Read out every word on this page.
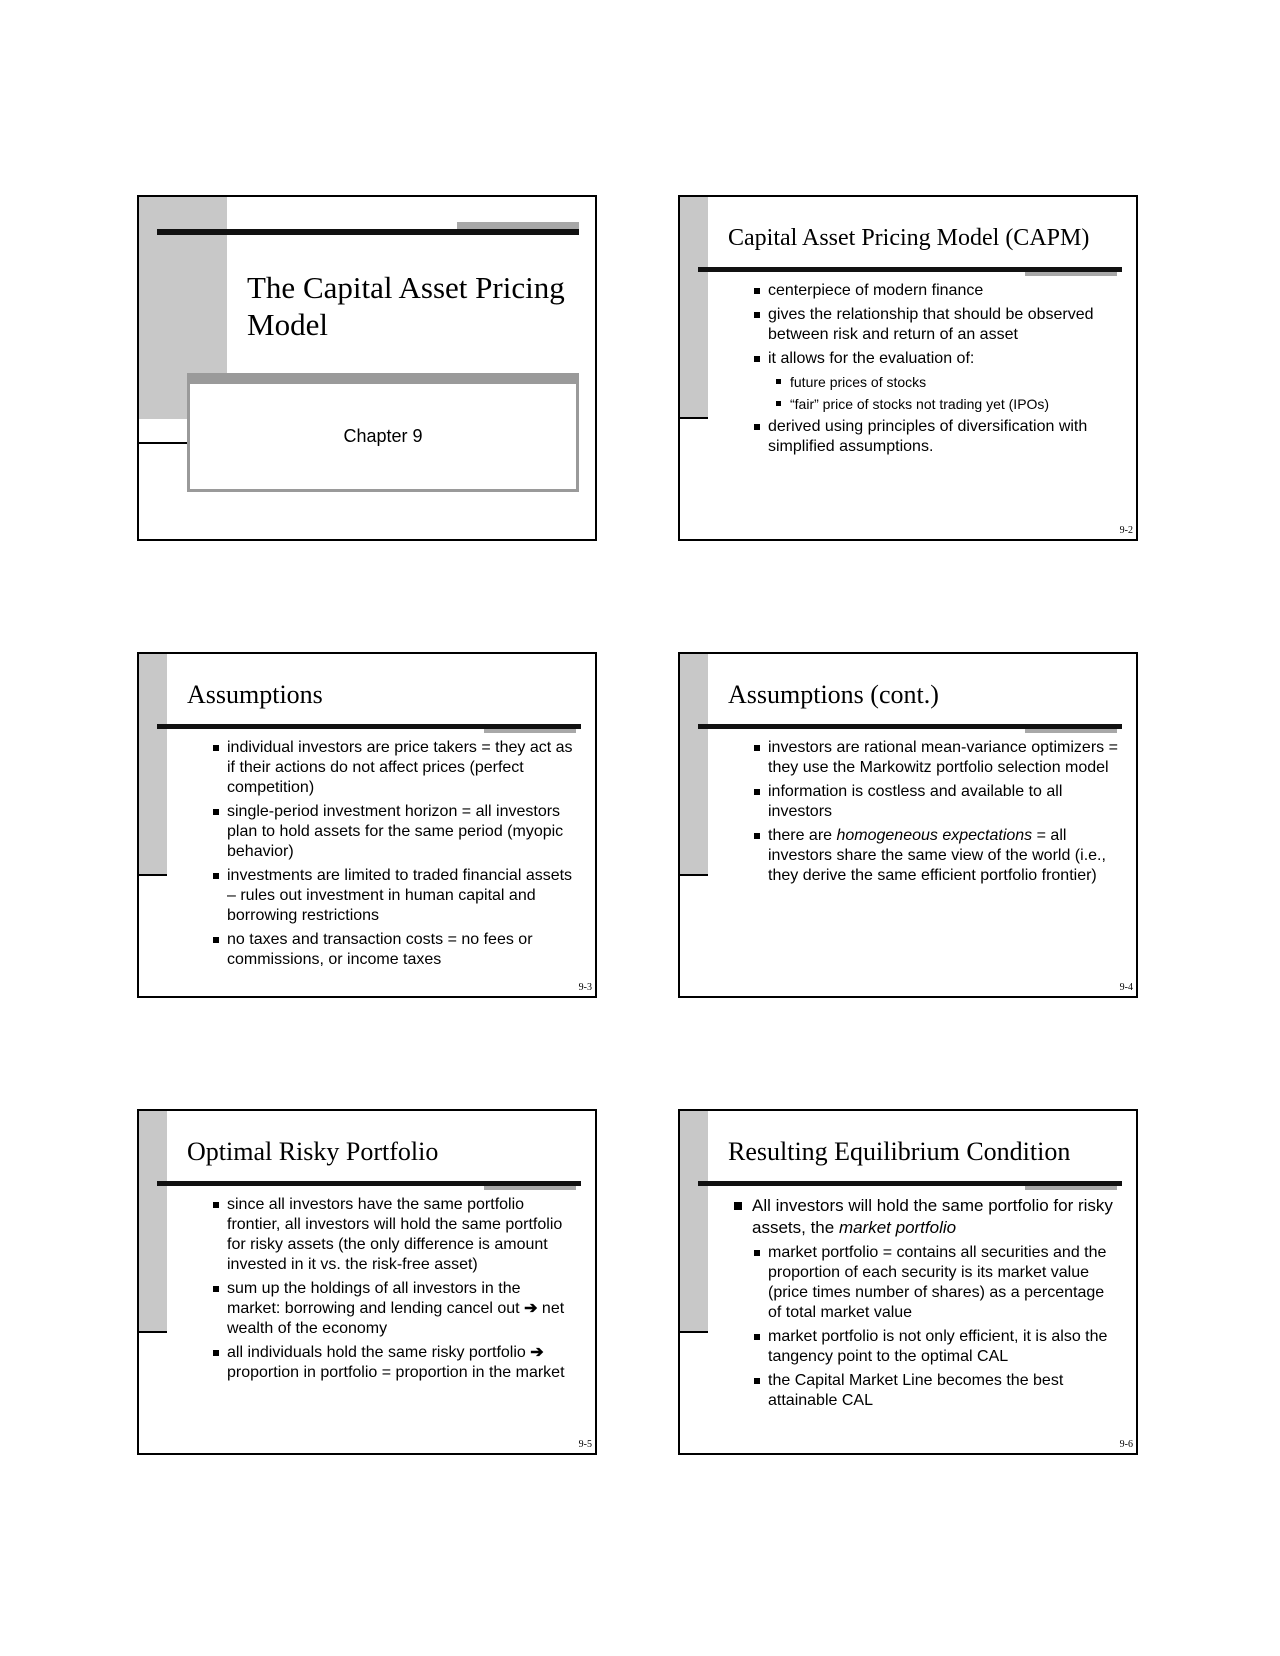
The Capital Asset Pricing Model
Chapter 9
Capital Asset Pricing Model (CAPM)
centerpiece of modern finance
gives the relationship that should be observed between risk and return of an asset
it allows for the evaluation of:
future prices of stocks
“fair” price of stocks not trading yet (IPOs)
derived using principles of diversification with simplified assumptions.
9-2
Assumptions
individual investors are price takers = they act as if their actions do not affect prices (perfect competition)
single-period investment horizon = all investors plan to hold assets for the same period (myopic behavior)
investments are limited to traded financial assets – rules out investment in human capital and borrowing restrictions
no taxes and transaction costs = no fees or commissions, or income taxes
9-3
Assumptions (cont.)
investors are rational mean-variance optimizers = they use the Markowitz portfolio selection model
information is costless and available to all investors
there are homogeneous expectations = all investors share the same view of the world (i.e., they derive the same efficient portfolio frontier)
9-4
Optimal Risky Portfolio
since all investors have the same portfolio frontier, all investors will hold the same portfolio for risky assets (the only difference is amount invested in it vs. the risk-free asset)
sum up the holdings of all investors in the market: borrowing and lending cancel out ➔ net wealth of the economy
all individuals hold the same risky portfolio ➔ proportion in portfolio = proportion in the market
9-5
Resulting Equilibrium Condition
All investors will hold the same portfolio for risky assets, the market portfolio
market portfolio = contains all securities and the proportion of each security is its market value (price times number of shares) as a percentage of total market value
market portfolio is not only efficient, it is also the tangency point to the optimal CAL
the Capital Market Line becomes the best attainable CAL
9-6
